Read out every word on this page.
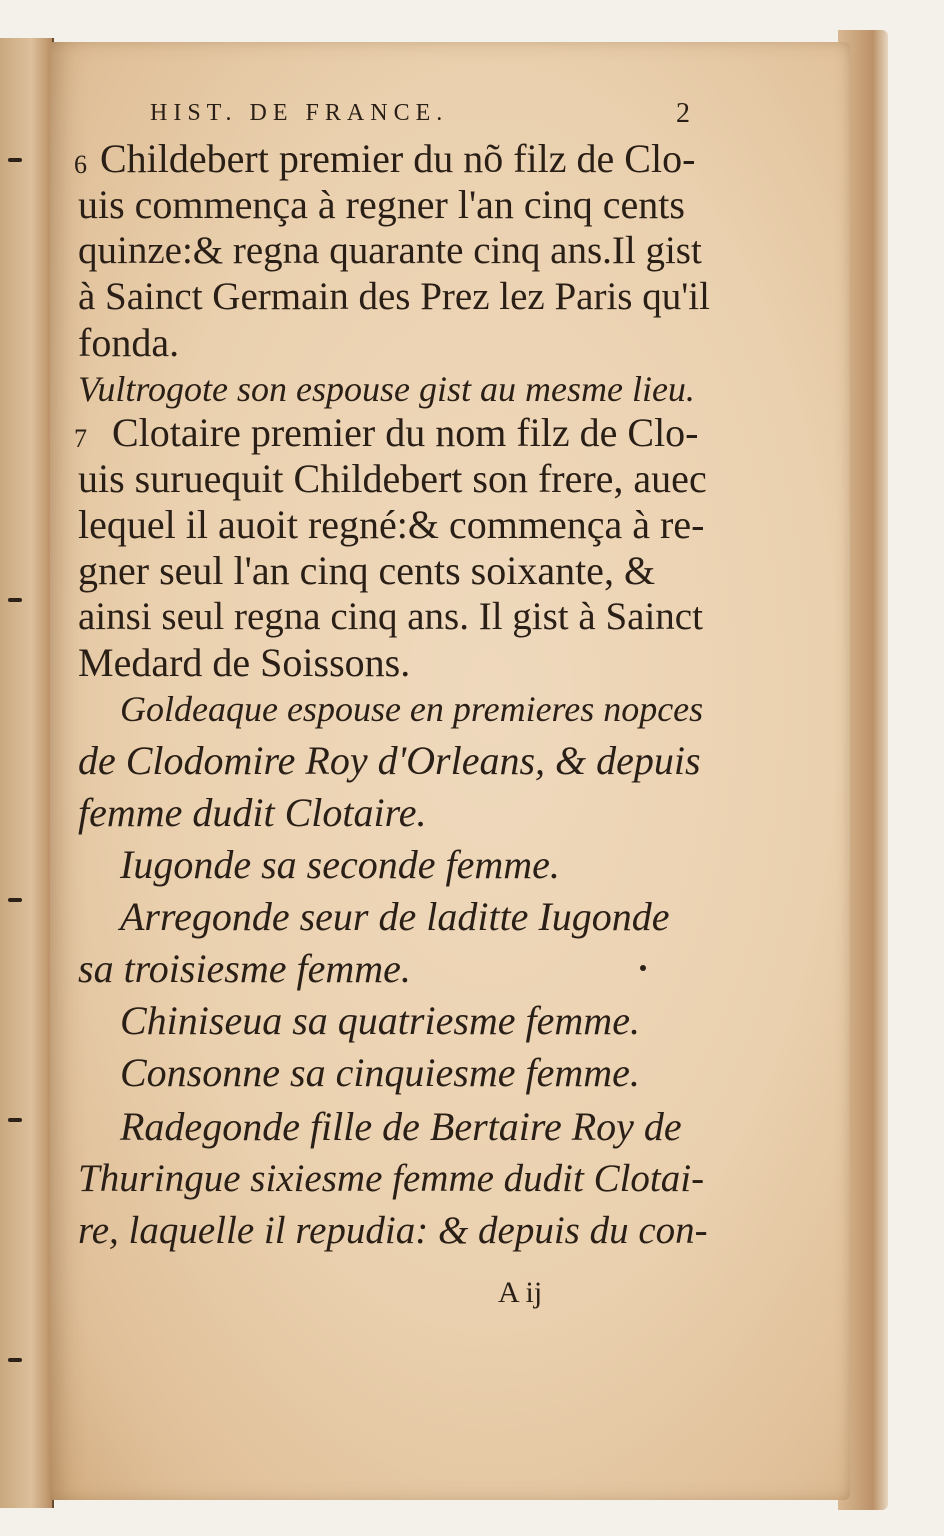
HIST. DE FRANCE.	2
6 Childebert premier du nõ filz de Clo-
uis commença à regner l'an cinq cents
quinze:& regna quarante cinq ans.Il gist
à Sainct Germain des Prez lez Paris qu'il
fonda.
Vultrogote son espouse gist au mesme lieu.
7 Clotaire premier du nom filz de Clo-
uis suruequit Childebert son frere, auec
lequel il auoit regné:& commença à re-
gner seul l'an cinq cents soixante, &
ainsi seul regna cinq ans. Il gist à Sainct
Medard de Soissons.
Goldeaque espouse en premieres nopces
de Clodomire Roy d'Orleans, & depuis
femme dudit Clotaire.
Iugonde sa seconde femme.
Arregonde seur de laditte Iugonde
sa troisiesme femme.
Chiniseua sa quatriesme femme.
Consonne sa cinquiesme femme.
Radegonde fille de Bertaire Roy de
Thuringue sixiesme femme dudit Clotai-
re, laquelle il repudia: & depuis du con-
A ij
